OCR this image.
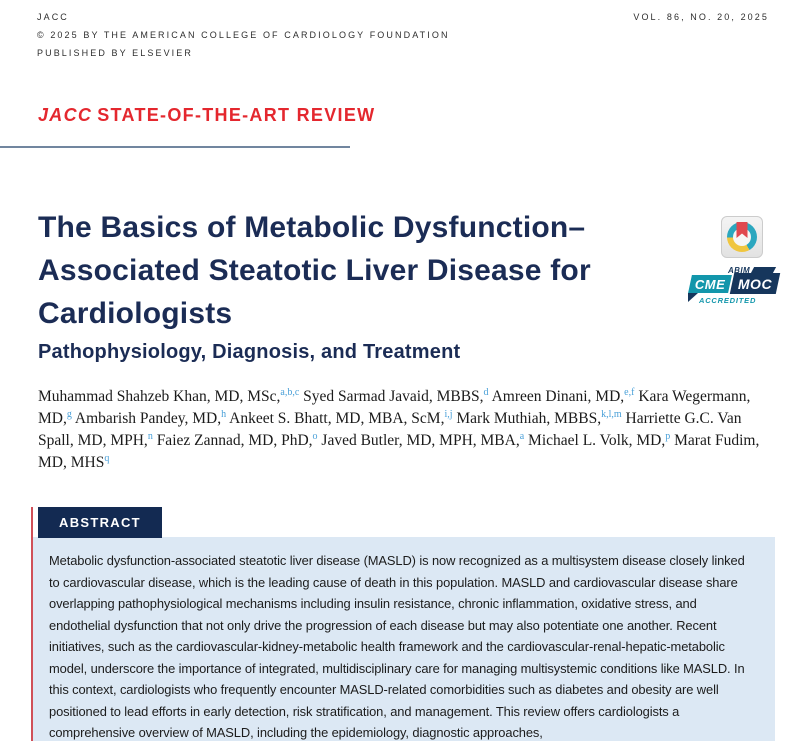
JACC
© 2025 BY THE AMERICAN COLLEGE OF CARDIOLOGY FOUNDATION
PUBLISHED BY ELSEVIER
VOL. 86, NO. 20, 2025
JACC STATE-OF-THE-ART REVIEW
The Basics of Metabolic Dysfunction–
Associated Steatotic Liver Disease for
Cardiologists
Pathophysiology, Diagnosis, and Treatment

Muhammad Shahzeb Khan, MD, MSc,$^{a,b,c}$ Syed Sarmad Javaid, MBBS,$^d$ Amreen Dinani, MD,$^{e,f}$ Kara Wegermann, MD,$^g$ Ambarish Pandey, MD,$^h$ Ankeet S. Bhatt, MD, MBA, ScM,$^{i,j}$ Mark Muthiah, MBBS,$^{k,l,m}$ Harriette G.C. Van Spall, MD, MPH,$^n$ Faiez Zannad, MD, PhD,$^o$ Javed Butler, MD, MPH, MBA,$^a$ Michael L. Volk, MD,$^p$ Marat Fudim, MD, MHS$^q$

ABIM
CME MOC
ACCREDITED
ABSTRACT

Metabolic dysfunction-associated steatotic liver disease (MASLD) is now recognized as a multisystem disease closely linked to cardiovascular disease, which is the leading cause of death in this population. MASLD and cardiovascular disease share overlapping pathophysiological mechanisms including insulin resistance, chronic inflammation, oxidative stress, and endothelial dysfunction that not only drive the progression of each disease but may also potentiate one another. Recent initiatives, such as the cardiovascular-kidney-metabolic health framework and the cardiovascular-renal-hepatic-metabolic model, underscore the importance of integrated, multidisciplinary care for managing multisystemic conditions like MASLD. In this context, cardiologists who frequently encounter MASLD-related comorbidities such as diabetes and obesity are well positioned to lead efforts in early detection, risk stratification, and management. This review offers cardiologists a comprehensive overview of MASLD, including the epidemiology, diagnostic approaches,
